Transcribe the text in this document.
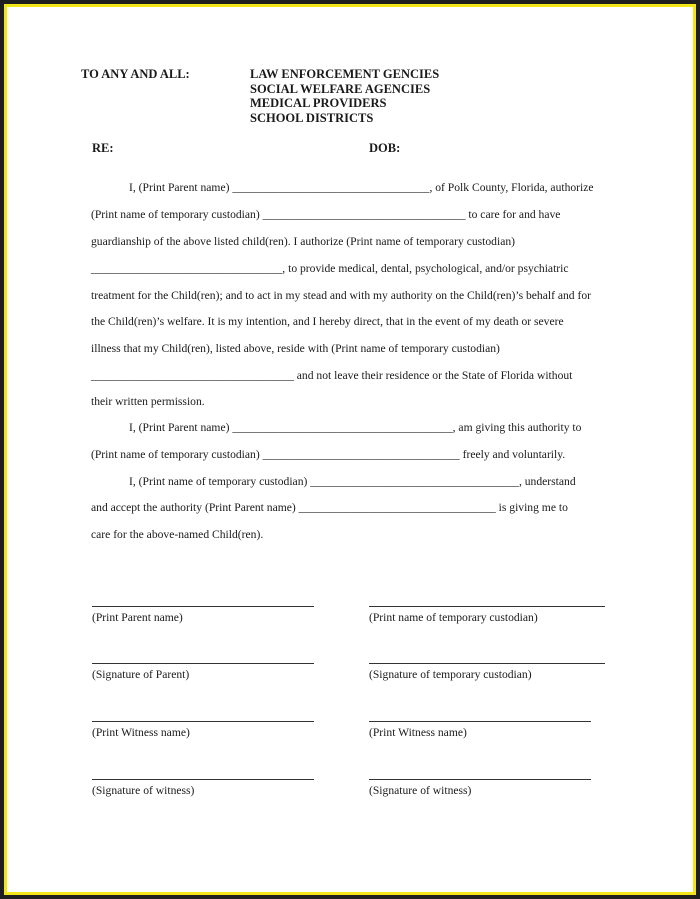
TO ANY AND ALL:	LAW ENFORCEMENT GENCIES
SOCIAL WELFARE AGENCIES
MEDICAL PROVIDERS
SCHOOL DISTRICTS
RE:	DOB:
I, (Print Parent name) __________________________________, of Polk County, Florida, authorize
(Print name of temporary custodian) ___________________________________ to care for and have
guardianship of the above listed child(ren). I authorize (Print name of temporary custodian)
_________________________________, to provide medical, dental, psychological, and/or psychiatric
treatment for the Child(ren); and to act in my stead and with my authority on the Child(ren)’s behalf and for
the Child(ren)’s welfare. It is my intention, and I hereby direct, that in the event of my death or severe
illness that my Child(ren), listed above, reside with (Print name of temporary custodian)
___________________________________ and not leave their residence or the State of Florida without
their written permission.
I, (Print Parent name) ______________________________________, am giving this authority to
(Print name of temporary custodian) __________________________________ freely and voluntarily.
I, (Print name of temporary custodian) ____________________________________, understand
and accept the authority (Print Parent name) __________________________________ is giving me to
care for the above-named Child(ren).
(Print Parent name)
(Signature of Parent)
(Print Witness name)
(Signature of witness)
(Print name of temporary custodian)
(Signature of temporary custodian)
(Print Witness name)
(Signature of witness)
